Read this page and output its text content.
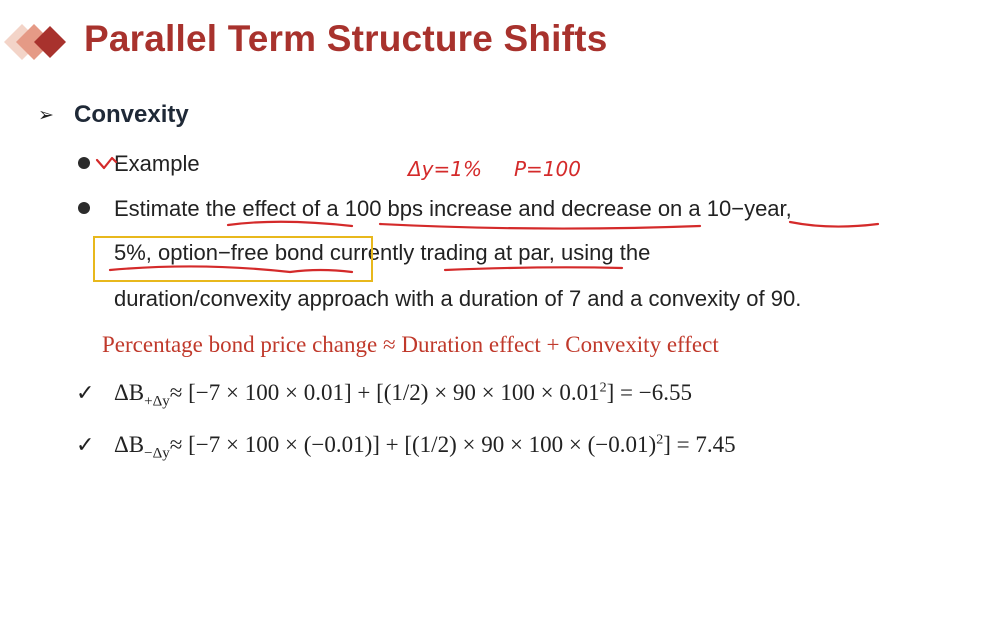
Parallel Term Structure Shifts
➢ Convexity
Example
Estimate the effect of a 100 bps increase and decrease on a 10−year,
5%, option−free bond currently trading at par, using the
duration/convexity approach with a duration of 7 and a convexity of 90.
Percentage bond price change ≈ Duration effect + Convexity effect
✓ $\Delta B_{+\Delta y}\approx [-7 \times 100 \times 0.01] + [(1/2) \times 90 \times 100 \times 0.01^2] = -6.55$
✓ $\Delta B_{-\Delta y}\approx [-7 \times 100 \times (-0.01)] + [(1/2) \times 90 \times 100 \times (-0.01)^2] = 7.45$
Δy=1% P=100
